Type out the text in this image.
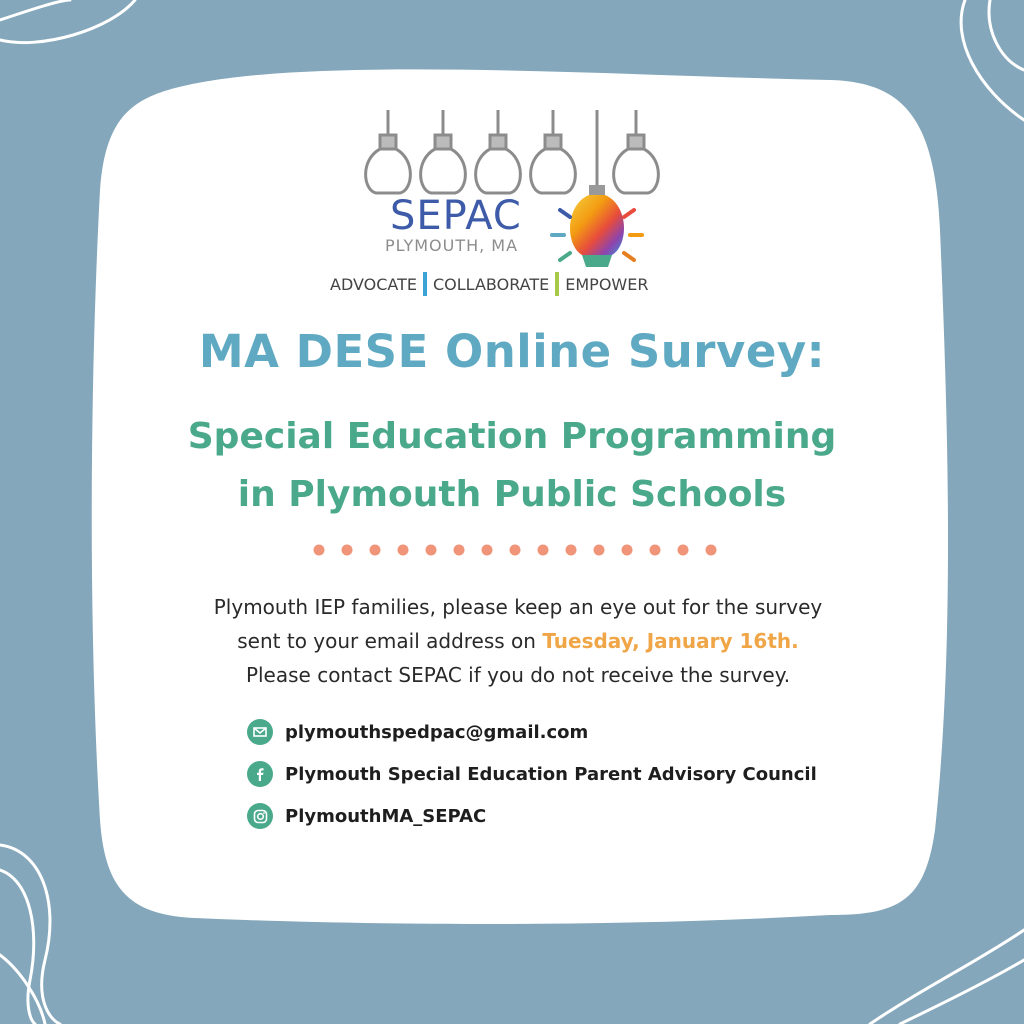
SEPAC
PLYMOUTH, MA
ADVOCATE COLLABORATE EMPOWER
MA DESE Online Survey:
Special Education Programming
in Plymouth Public Schools
Plymouth IEP families, please keep an eye out for the survey
sent to your email address on Tuesday, January 16th.
Please contact SEPAC if you do not receive the survey.
plymouthspedpac@gmail.com
Plymouth Special Education Parent Advisory Council
PlymouthMA_SEPAC
